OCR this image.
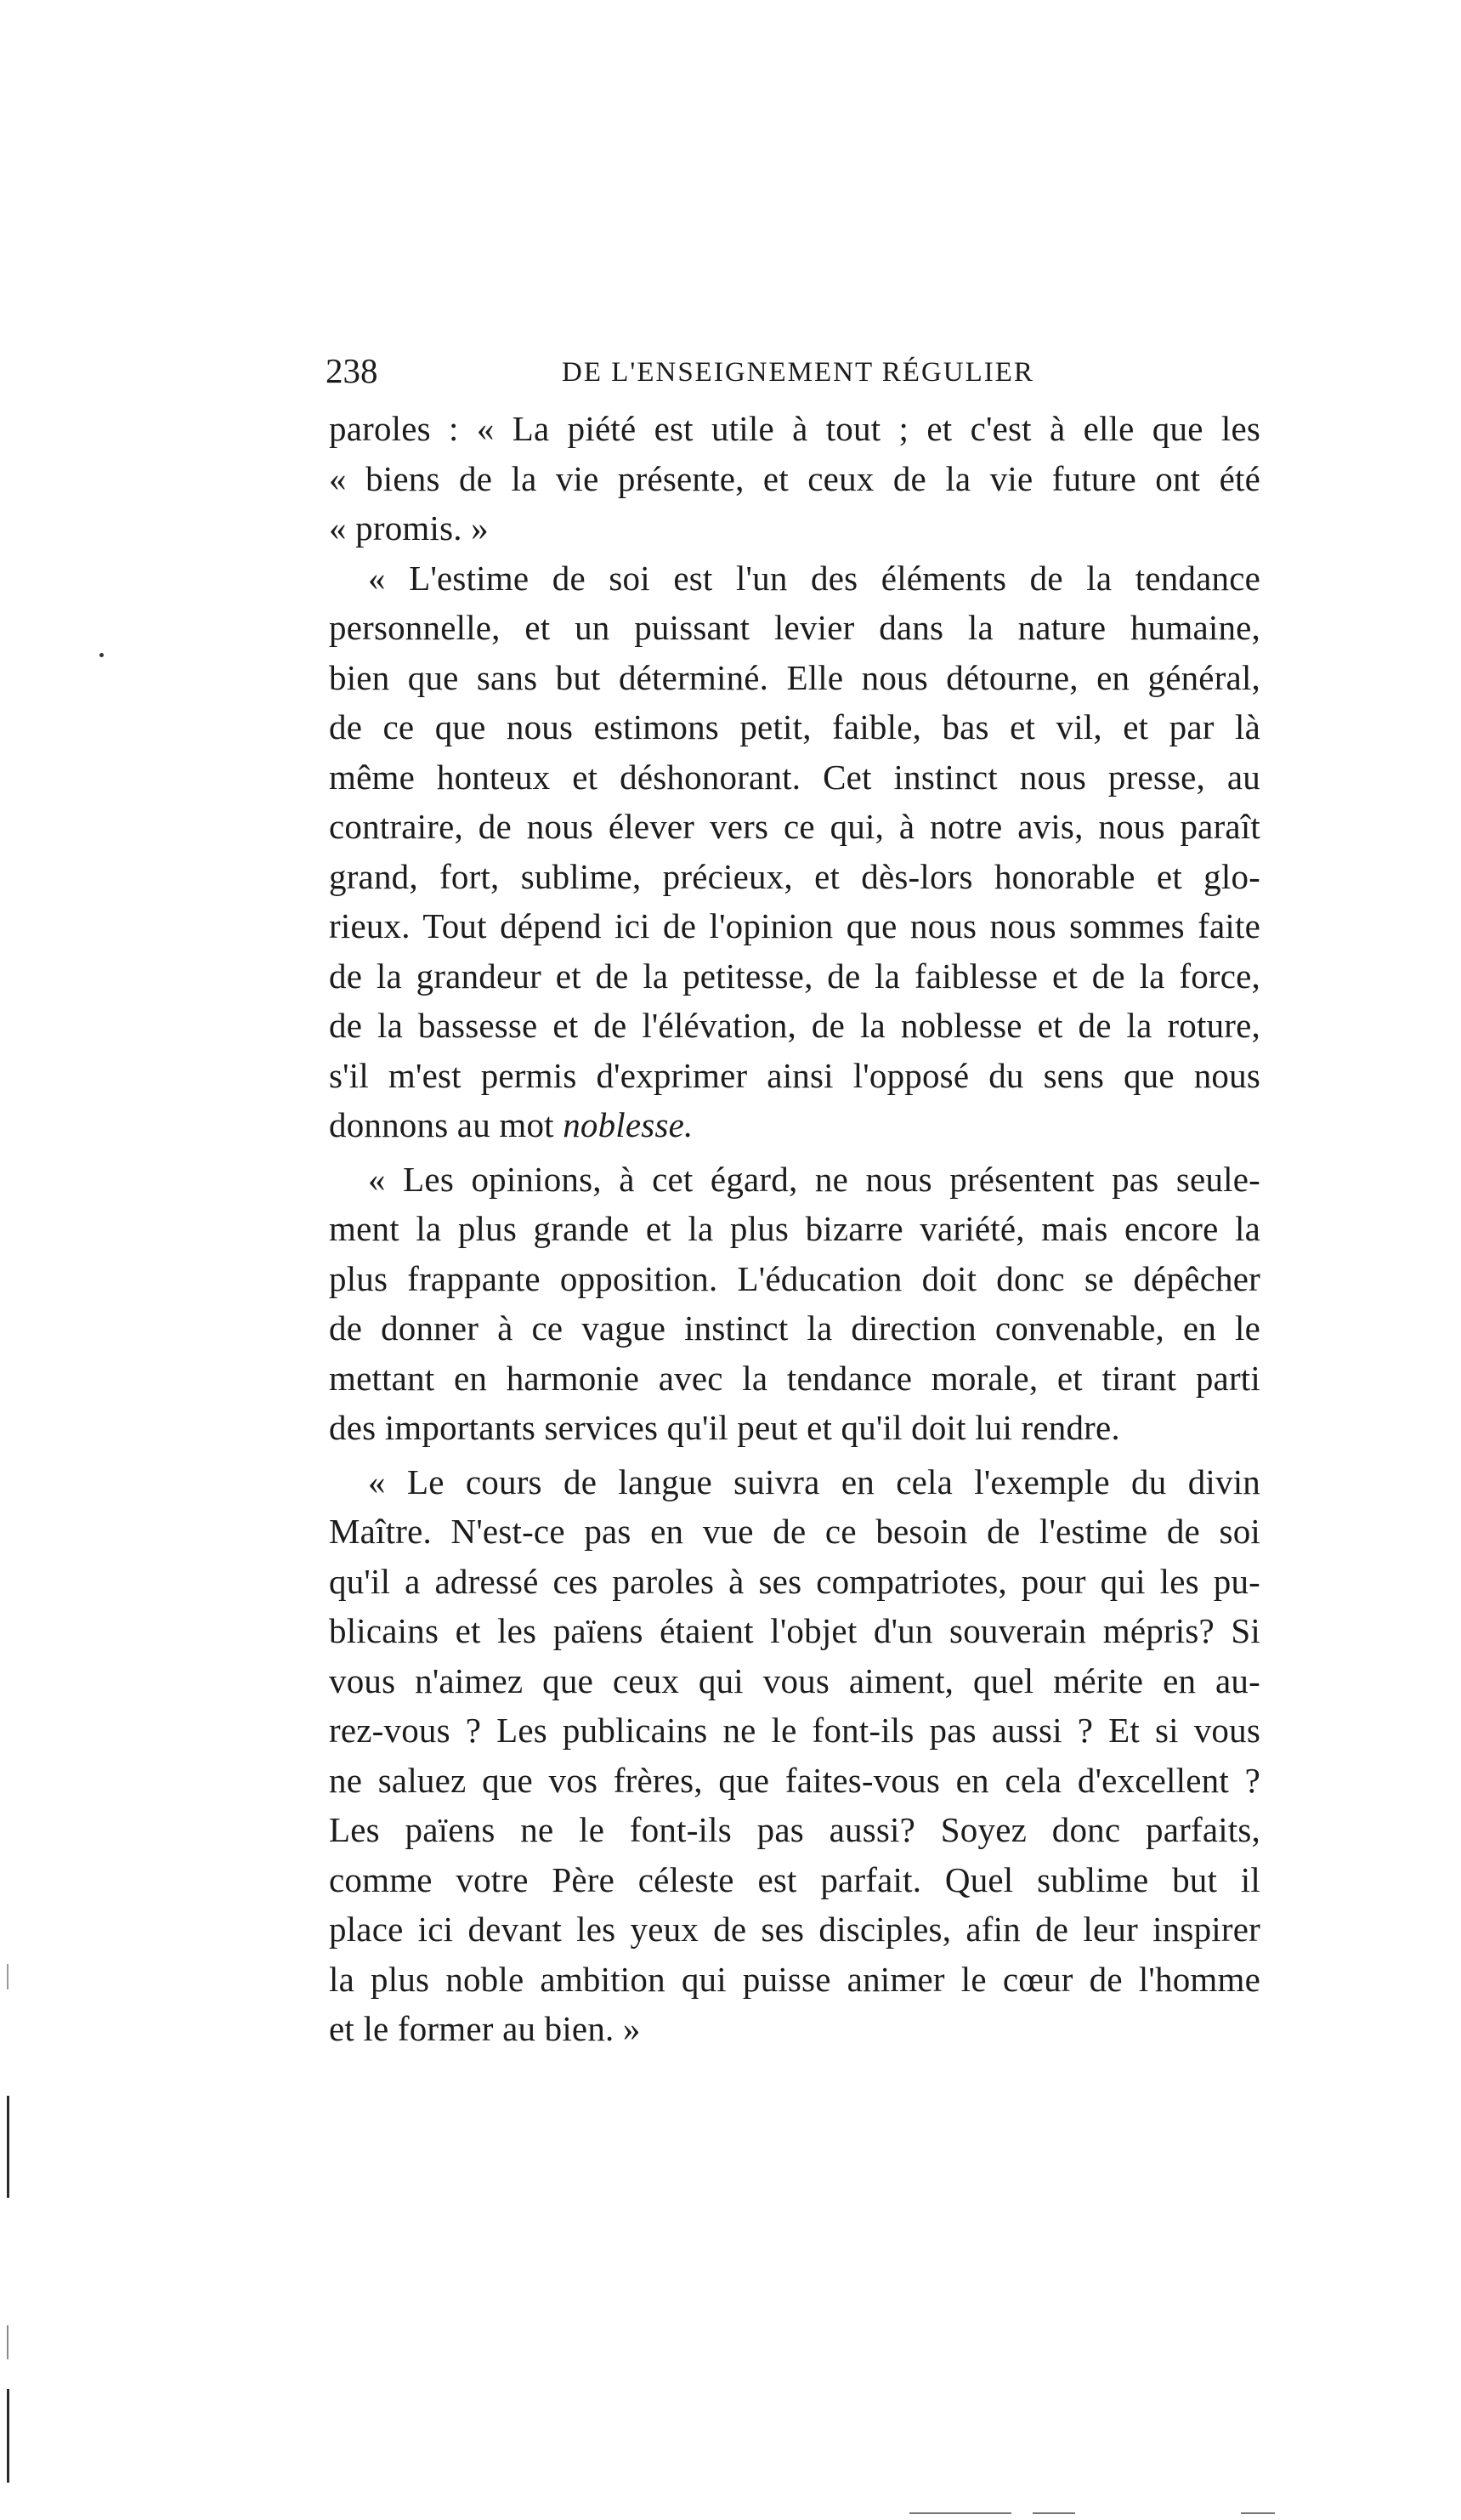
238	DE L'ENSEIGNEMENT RÉGULIER
paroles : « La piété est utile à tout ; et c'est à elle que les
« biens de la vie présente, et ceux de la vie future ont été
« promis. »
« L'estime de soi est l'un des éléments de la tendance
personnelle, et un puissant levier dans la nature humaine,
bien que sans but déterminé. Elle nous détourne, en général,
de ce que nous estimons petit, faible, bas et vil, et par là
même honteux et déshonorant. Cet instinct nous presse, au
contraire, de nous élever vers ce qui, à notre avis, nous paraît
grand, fort, sublime, précieux, et dès-lors honorable et glo-
rieux. Tout dépend ici de l'opinion que nous nous sommes faite
de la grandeur et de la petitesse, de la faiblesse et de la force,
de la bassesse et de l'élévation, de la noblesse et de la roture,
s'il m'est permis d'exprimer ainsi l'opposé du sens que nous
donnons au mot noblesse.
« Les opinions, à cet égard, ne nous présentent pas seule-
ment la plus grande et la plus bizarre variété, mais encore la
plus frappante opposition. L'éducation doit donc se dépêcher
de donner à ce vague instinct la direction convenable, en le
mettant en harmonie avec la tendance morale, et tirant parti
des importants services qu'il peut et qu'il doit lui rendre.
« Le cours de langue suivra en cela l'exemple du divin
Maître. N'est-ce pas en vue de ce besoin de l'estime de soi
qu'il a adressé ces paroles à ses compatriotes, pour qui les pu-
blicains et les païens étaient l'objet d'un souverain mépris? Si
vous n'aimez que ceux qui vous aiment, quel mérite en au-
rez-vous ? Les publicains ne le font-ils pas aussi ? Et si vous
ne saluez que vos frères, que faites-vous en cela d'excellent ?
Les païens ne le font-ils pas aussi? Soyez donc parfaits,
comme votre Père céleste est parfait. Quel sublime but il
place ici devant les yeux de ses disciples, afin de leur inspirer
la plus noble ambition qui puisse animer le cœur de l'homme
et le former au bien. »
